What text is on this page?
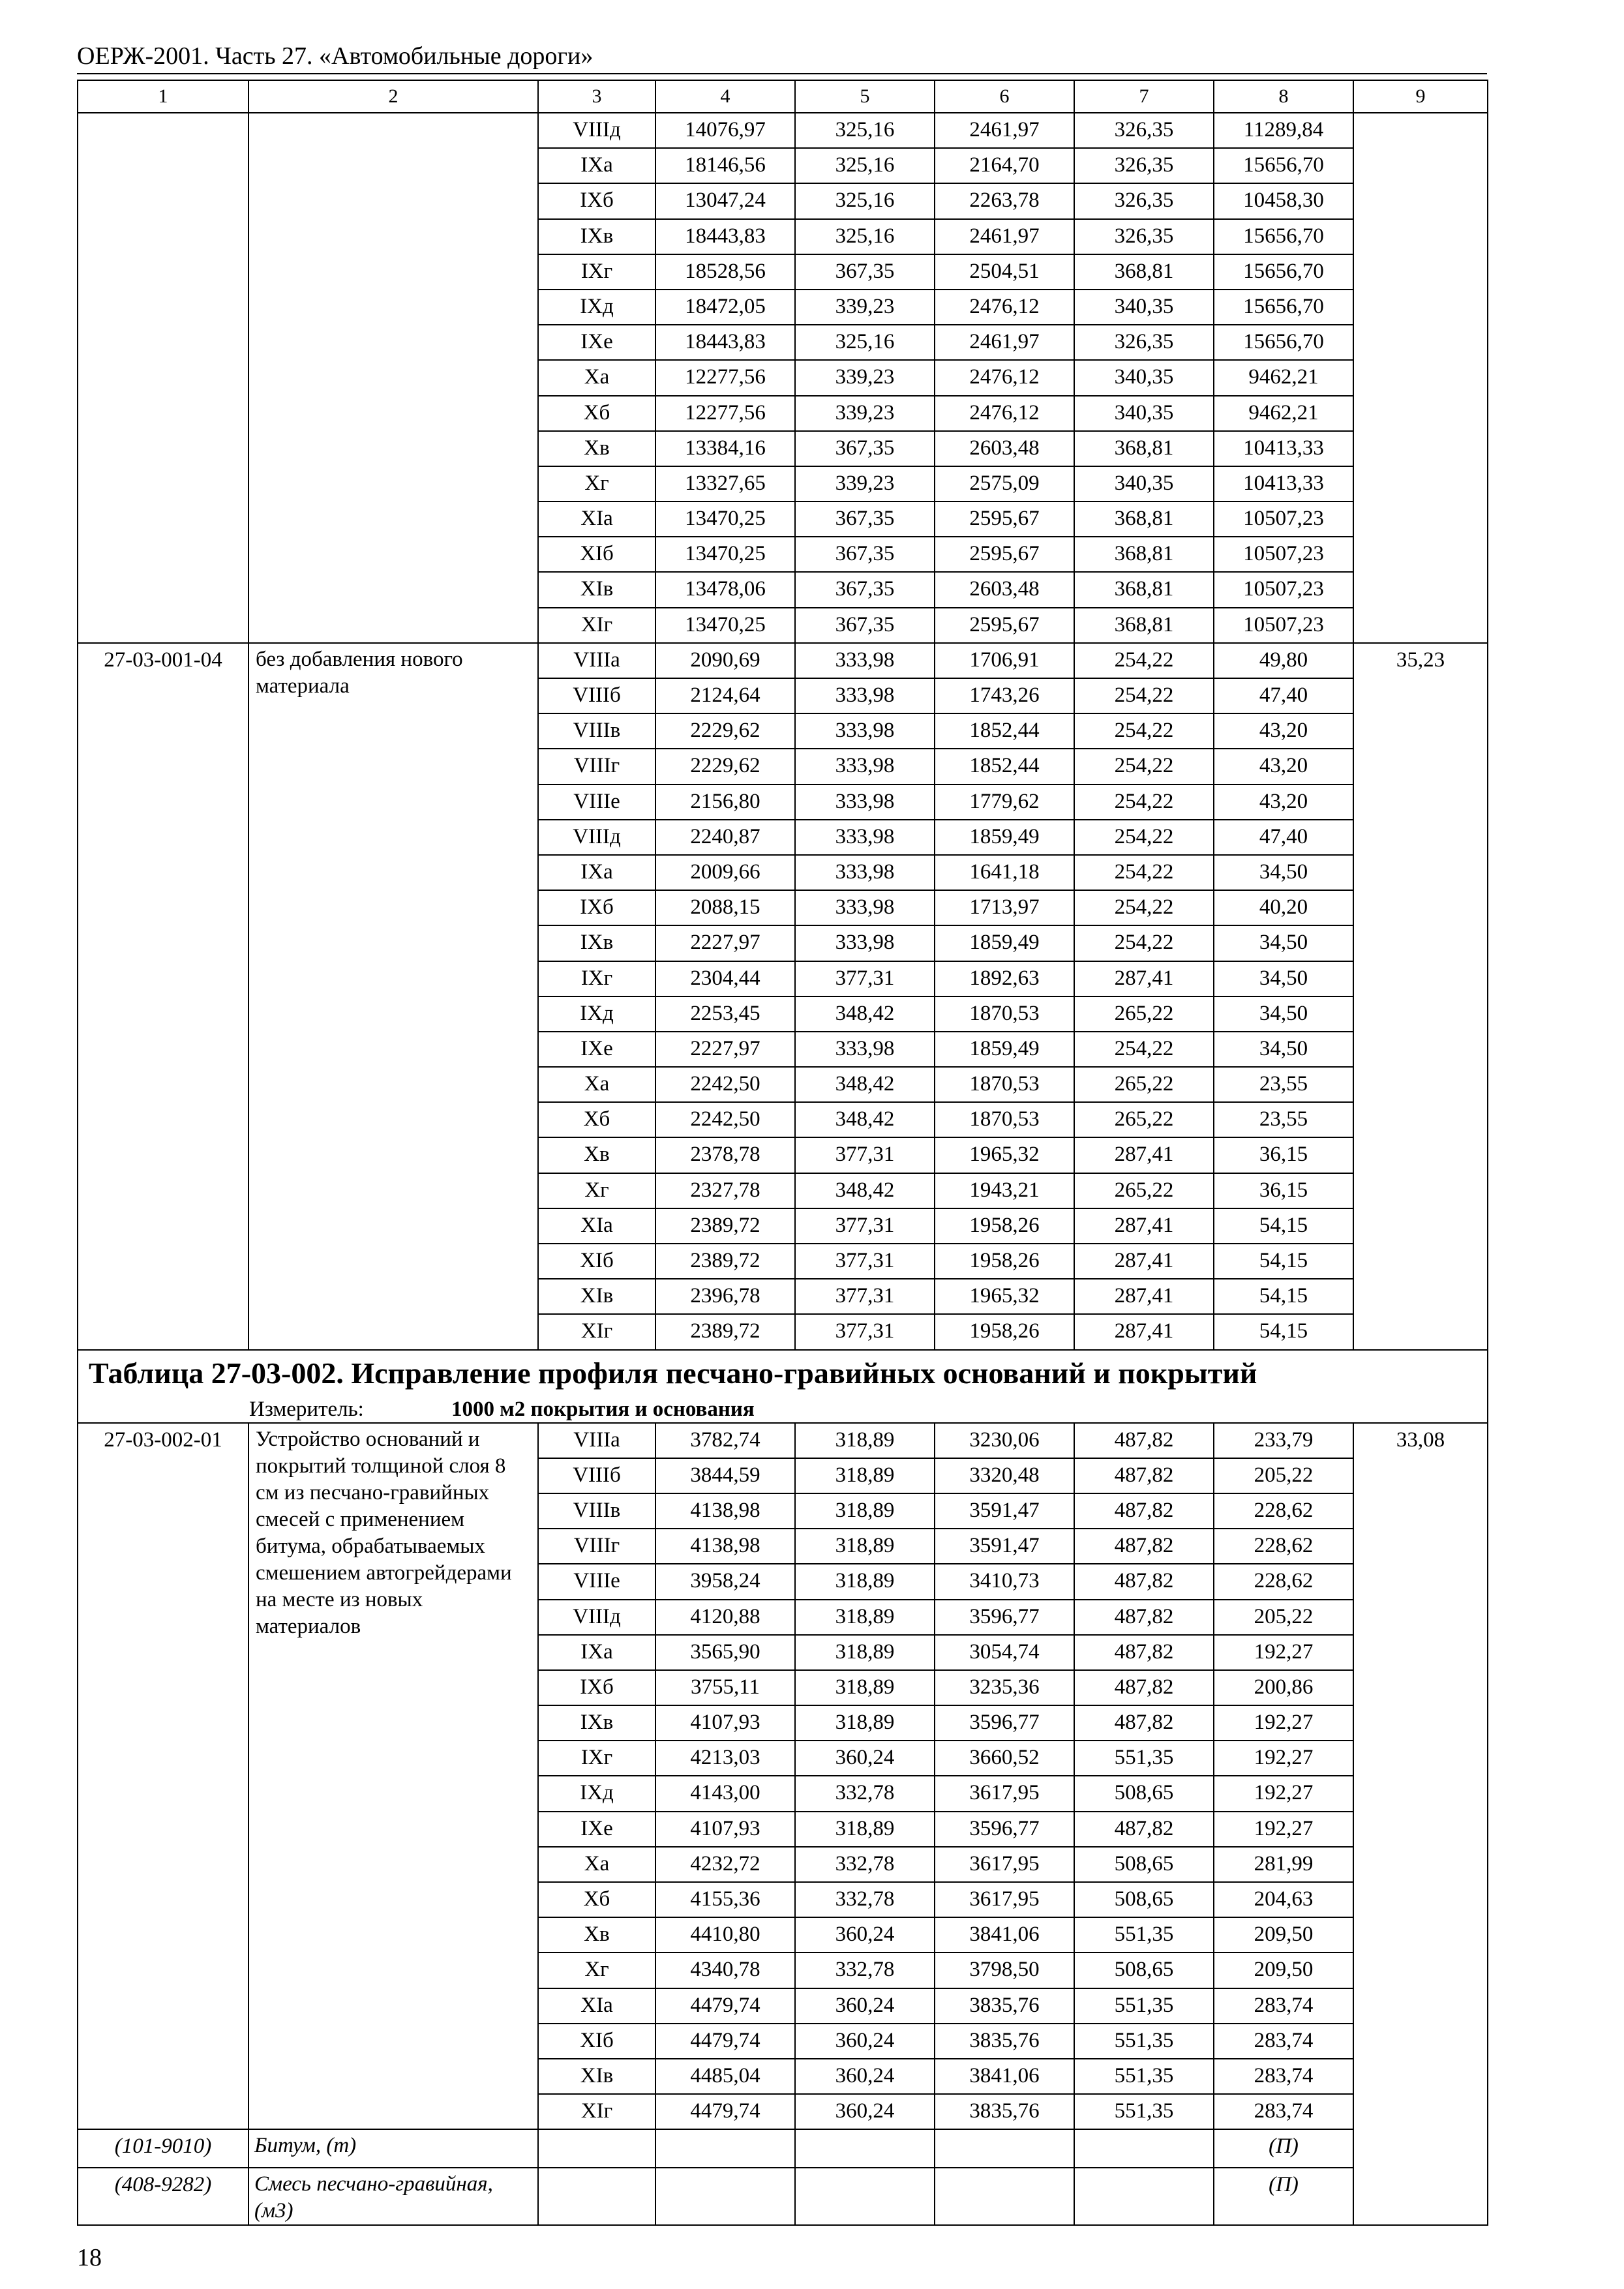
ОЕРЖ-2001. Часть 27. «Автомобильные дороги»
1	2	3	4	5	6	7	8	9
		VIIIд	14076,97	325,16	2461,97	326,35	11289,84	
		IXa	18146,56	325,16	2164,70	326,35	15656,70	
		IXб	13047,24	325,16	2263,78	326,35	10458,30	
		IXв	18443,83	325,16	2461,97	326,35	15656,70	
		IXг	18528,56	367,35	2504,51	368,81	15656,70	
		IXд	18472,05	339,23	2476,12	340,35	15656,70	
		IXe	18443,83	325,16	2461,97	326,35	15656,70	
		Xa	12277,56	339,23	2476,12	340,35	9462,21	
		Xб	12277,56	339,23	2476,12	340,35	9462,21	
		Xв	13384,16	367,35	2603,48	368,81	10413,33	
		Xг	13327,65	339,23	2575,09	340,35	10413,33	
		XIa	13470,25	367,35	2595,67	368,81	10507,23	
		XIб	13470,25	367,35	2595,67	368,81	10507,23	
		XIв	13478,06	367,35	2603,48	368,81	10507,23	
		XIг	13470,25	367,35	2595,67	368,81	10507,23	
27-03-001-04	без добавления нового материала	VIIIa	2090,69	333,98	1706,91	254,22	49,80	35,23
		VIIIб	2124,64	333,98	1743,26	254,22	47,40	
		VIIIв	2229,62	333,98	1852,44	254,22	43,20	
		VIIIг	2229,62	333,98	1852,44	254,22	43,20	
		VIIIe	2156,80	333,98	1779,62	254,22	43,20	
		VIIIд	2240,87	333,98	1859,49	254,22	47,40	
		IXa	2009,66	333,98	1641,18	254,22	34,50	
		IXб	2088,15	333,98	1713,97	254,22	40,20	
		IXв	2227,97	333,98	1859,49	254,22	34,50	
		IXг	2304,44	377,31	1892,63	287,41	34,50	
		IXд	2253,45	348,42	1870,53	265,22	34,50	
		IXe	2227,97	333,98	1859,49	254,22	34,50	
		Xa	2242,50	348,42	1870,53	265,22	23,55	
		Xб	2242,50	348,42	1870,53	265,22	23,55	
		Xв	2378,78	377,31	1965,32	287,41	36,15	
		Xг	2327,78	348,42	1943,21	265,22	36,15	
		XIa	2389,72	377,31	1958,26	287,41	54,15	
		XIб	2389,72	377,31	1958,26	287,41	54,15	
		XIв	2396,78	377,31	1965,32	287,41	54,15	
		XIг	2389,72	377,31	1958,26	287,41	54,15	
Таблица 27-03-002. Исправление профиля песчано-гравийных оснований и покрытий								
Измеритель: 1000 м2 покрытия и основания								
27-03-002-01	Устройство оснований и покрытий толщиной слоя 8 см из песчано-гравийных смесей с применением битума, обрабатываемых смешением автогрейдерами на месте из новых материалов	VIIIa	3782,74	318,89	3230,06	487,82	233,79	33,08
		VIIIб	3844,59	318,89	3320,48	487,82	205,22	
		VIIIв	4138,98	318,89	3591,47	487,82	228,62	
		VIIIг	4138,98	318,89	3591,47	487,82	228,62	
		VIIIe	3958,24	318,89	3410,73	487,82	228,62	
		VIIIд	4120,88	318,89	3596,77	487,82	205,22	
		IXa	3565,90	318,89	3054,74	487,82	192,27	
		IXб	3755,11	318,89	3235,36	487,82	200,86	
		IXв	4107,93	318,89	3596,77	487,82	192,27	
		IXг	4213,03	360,24	3660,52	551,35	192,27	
		IXд	4143,00	332,78	3617,95	508,65	192,27	
		IXe	4107,93	318,89	3596,77	487,82	192,27	
		Xa	4232,72	332,78	3617,95	508,65	281,99	
		Xб	4155,36	332,78	3617,95	508,65	204,63	
		Xв	4410,80	360,24	3841,06	551,35	209,50	
		Xг	4340,78	332,78	3798,50	508,65	209,50	
		XIa	4479,74	360,24	3835,76	551,35	283,74	
		XIб	4479,74	360,24	3835,76	551,35	283,74	
		XIв	4485,04	360,24	3841,06	551,35	283,74	
		XIг	4479,74	360,24	3835,76	551,35	283,74	
(101-9010)	Битум, (т)						(П)	
(408-9282)	Смесь песчано-гравийная, (м3)						(П)	
18
